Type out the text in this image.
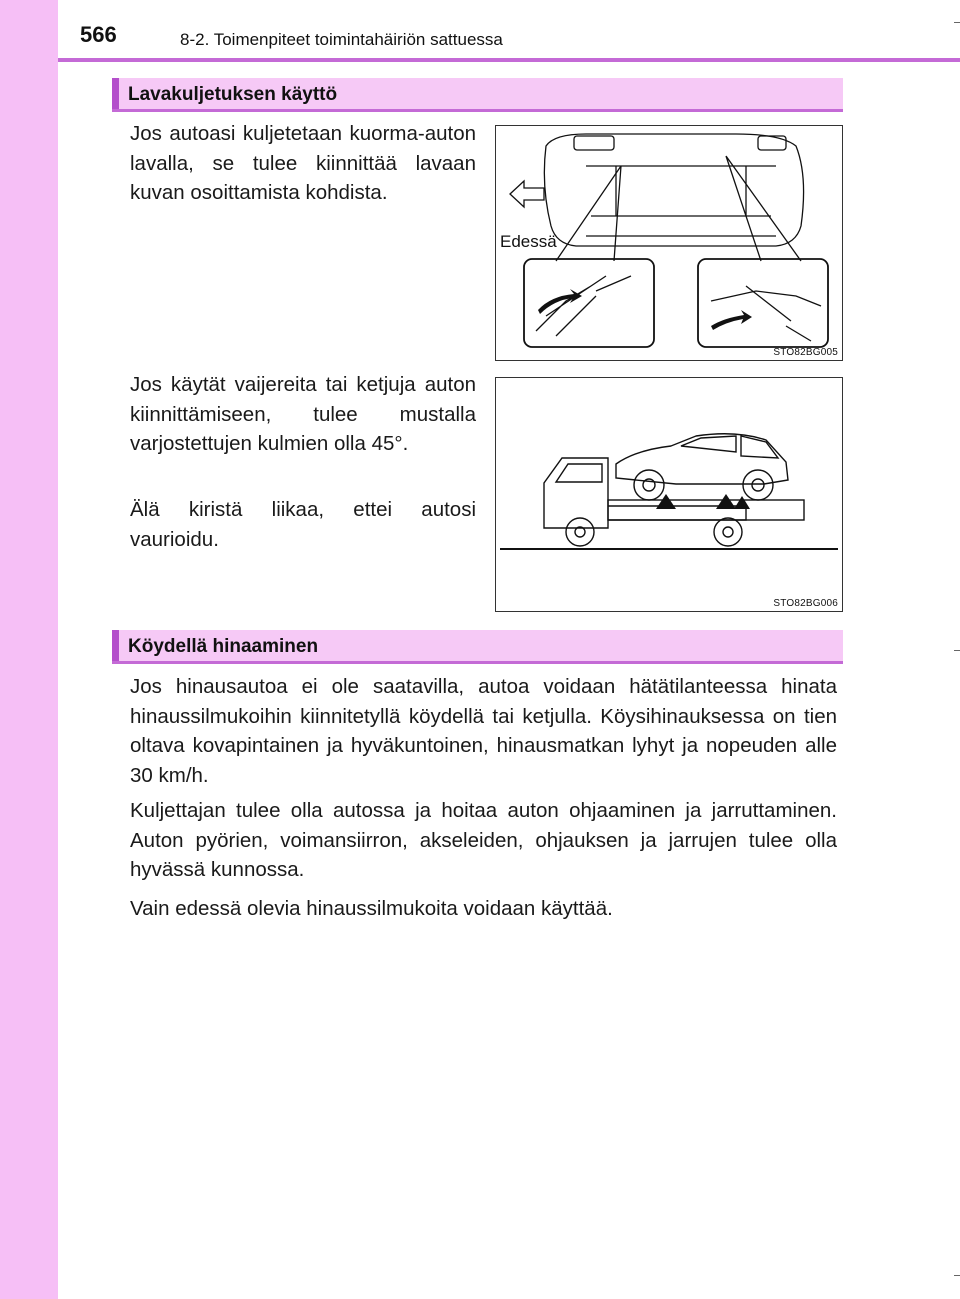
566	8-2. Toimenpiteet toimintahäiriön sattuessa
Lavakuljetuksen käyttö

Jos autoasi kuljetetaan kuorma-auton lavalla, se tulee kiinnittää lavaan kuvan osoittamista kohdista.

Jos käytät vaijereita tai ketjuja auton kiinnittämiseen, tulee mustalla varjostettujen kulmien olla 45°.

Älä kiristä liikaa, ettei autosi vaurioidu.

Edessä
STO82BG005
STO82BG006
Köydellä hinaaminen

Jos hinausautoa ei ole saatavilla, autoa voidaan hätätilanteessa hinata hinaussilmukoihin kiinnitetyllä köydellä tai ketjulla. Köysihinauksessa on tien oltava kovapintainen ja hyväkuntoinen, hinausmatkan lyhyt ja nopeuden alle 30 km/h.

Kuljettajan tulee olla autossa ja hoitaa auton ohjaaminen ja jarruttaminen. Auton pyörien, voimansiirron, akseleiden, ohjauksen ja jarrujen tulee olla hyvässä kunnossa.

Vain edessä olevia hinaussilmukoita voidaan käyttää.
